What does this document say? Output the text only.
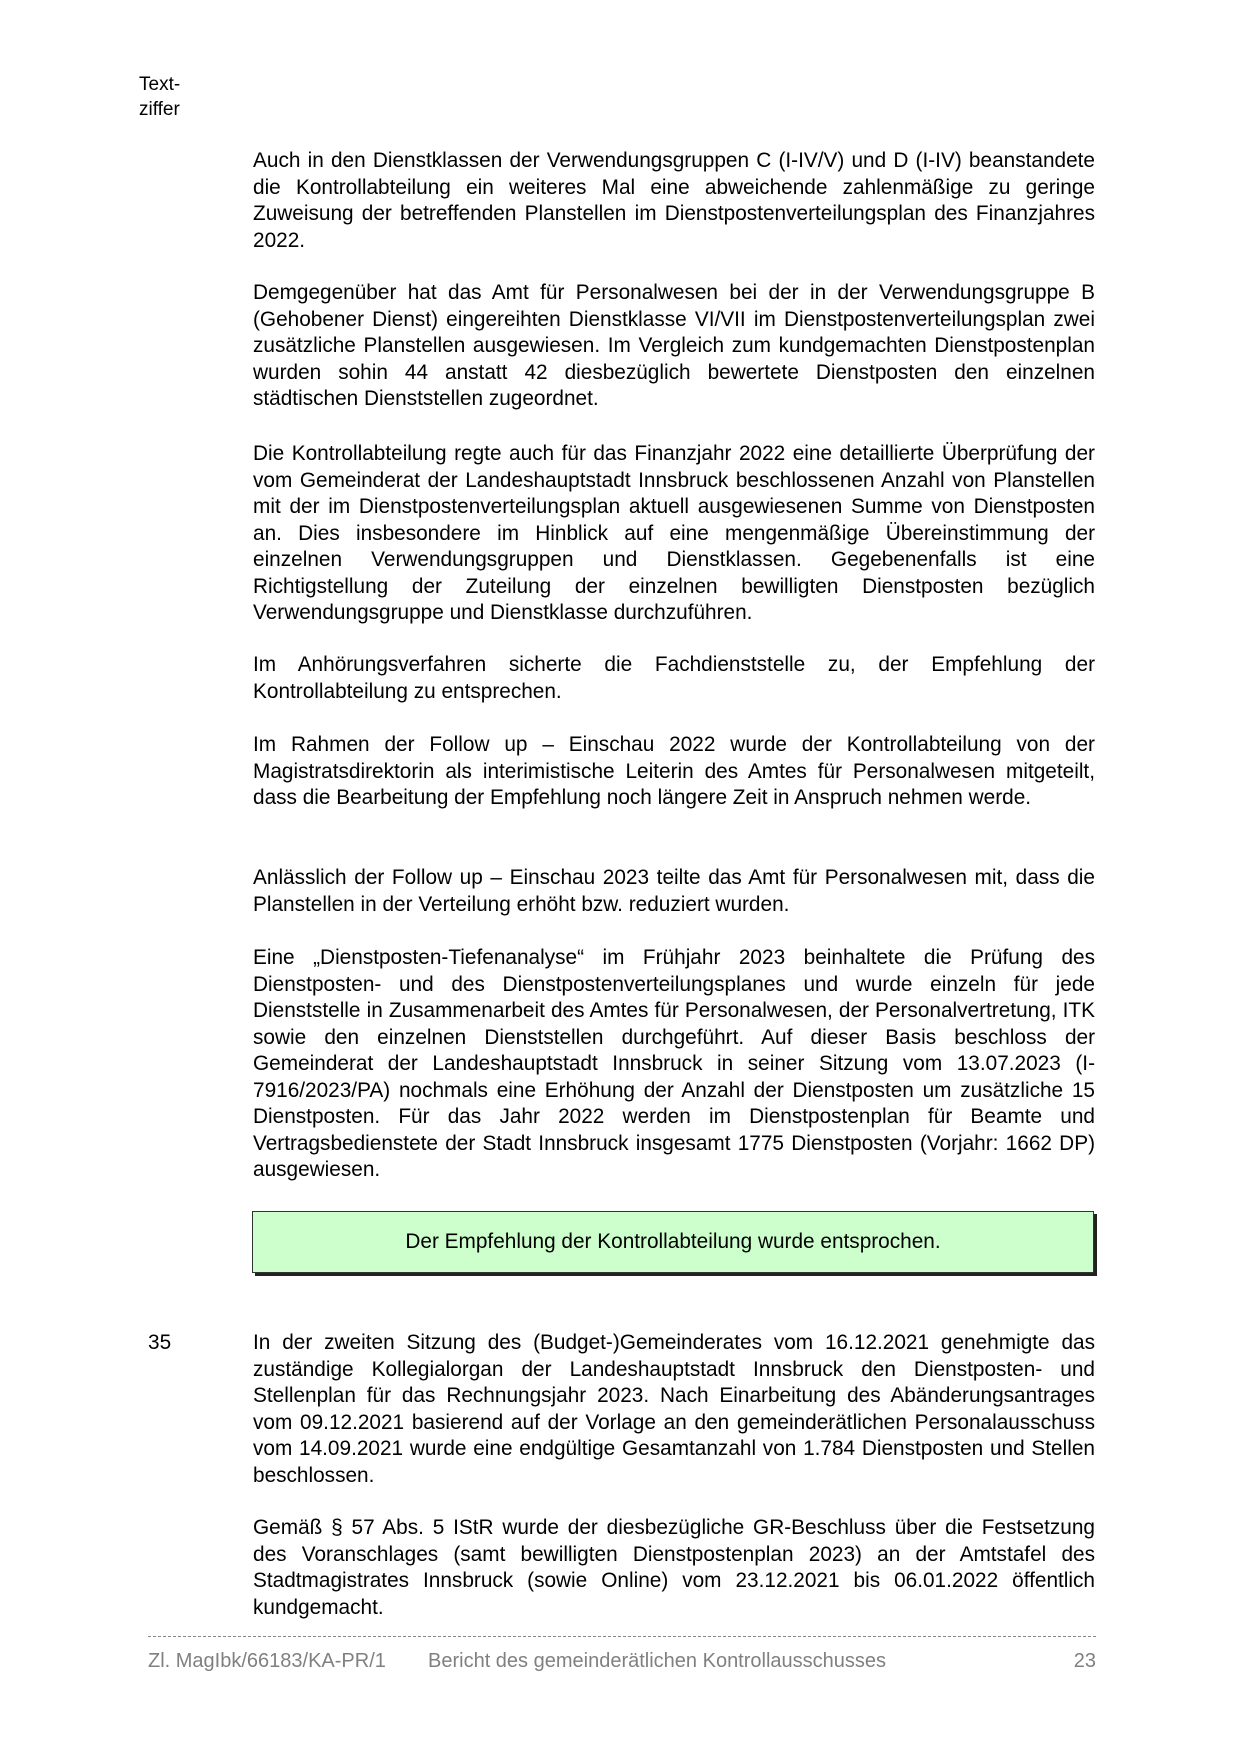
Text-
ziffer

Auch in den Dienstklassen der Verwendungsgruppen C (I-IV/V) und D (I-IV) beanstandete die Kontrollabteilung ein weiteres Mal eine abweichende zahlenmäßige zu geringe Zuweisung der betreffenden Planstellen im Dienstpostenverteilungsplan des Finanzjahres 2022.

Demgegenüber hat das Amt für Personalwesen bei der in der Verwendungsgruppe B (Gehobener Dienst) eingereihten Dienstklasse VI/VII im Dienstpostenverteilungsplan zwei zusätzliche Planstellen ausgewiesen. Im Vergleich zum kundgemachten Dienstpostenplan wurden sohin 44 anstatt 42 diesbezüglich bewertete Dienstposten den einzelnen städtischen Dienststellen zugeordnet.

Die Kontrollabteilung regte auch für das Finanzjahr 2022 eine detaillierte Überprüfung der vom Gemeinderat der Landeshauptstadt Innsbruck beschlossenen Anzahl von Planstellen mit der im Dienstpostenverteilungsplan aktuell ausgewiesenen Summe von Dienstposten an. Dies insbesondere im Hinblick auf eine mengenmäßige Übereinstimmung der einzelnen Verwendungsgruppen und Dienstklassen. Gegebenenfalls ist eine Richtigstellung der Zuteilung der einzelnen bewilligten Dienstposten bezüglich Verwendungsgruppe und Dienstklasse durchzuführen.

Im Anhörungsverfahren sicherte die Fachdienststelle zu, der Empfehlung der Kontrollabteilung zu entsprechen.

Im Rahmen der Follow up – Einschau 2022 wurde der Kontrollabteilung von der Magistratsdirektorin als interimistische Leiterin des Amtes für Personalwesen mitgeteilt, dass die Bearbeitung der Empfehlung noch längere Zeit in Anspruch nehmen werde.

Anlässlich der Follow up – Einschau 2023 teilte das Amt für Personalwesen mit, dass die Planstellen in der Verteilung erhöht bzw. reduziert wurden.

Eine „Dienstposten-Tiefenanalyse“ im Frühjahr 2023 beinhaltete die Prüfung des Dienstposten- und des Dienstpostenverteilungsplanes und wurde einzeln für jede Dienststelle in Zusammenarbeit des Amtes für Personalwesen, der Personalvertretung, ITK sowie den einzelnen Dienststellen durchgeführt. Auf dieser Basis beschloss der Gemeinderat der Landeshauptstadt Innsbruck in seiner Sitzung vom 13.07.2023 (I-7916/2023/PA) nochmals eine Erhöhung der Anzahl der Dienstposten um zusätzliche 15 Dienstposten. Für das Jahr 2022 werden im Dienstpostenplan für Beamte und Vertragsbedienstete der Stadt Innsbruck insgesamt 1775 Dienstposten (Vorjahr: 1662 DP) ausgewiesen.

Der Empfehlung der Kontrollabteilung wurde entsprochen.
35	In der zweiten Sitzung des (Budget-)Gemeinderates vom 16.12.2021 genehmigte das zuständige Kollegialorgan der Landeshauptstadt Innsbruck den Dienstposten- und Stellenplan für das Rechnungsjahr 2023. Nach Einarbeitung des Abänderungsantrages vom 09.12.2021 basierend auf der Vorlage an den gemeinderätlichen Personalausschuss vom 14.09.2021 wurde eine endgültige Gesamtanzahl von 1.784 Dienstposten und Stellen beschlossen.

Gemäß § 57 Abs. 5 IStR wurde der diesbezügliche GR-Beschluss über die Festsetzung des Voranschlages (samt bewilligten Dienstpostenplan 2023) an der Amtstafel des Stadtmagistrates Innsbruck (sowie Online) vom 23.12.2021 bis 06.01.2022 öffentlich kundgemacht.

Zl. MagIbk/66183/KA-PR/1 Bericht des gemeinderätlichen Kontrollausschusses	23
